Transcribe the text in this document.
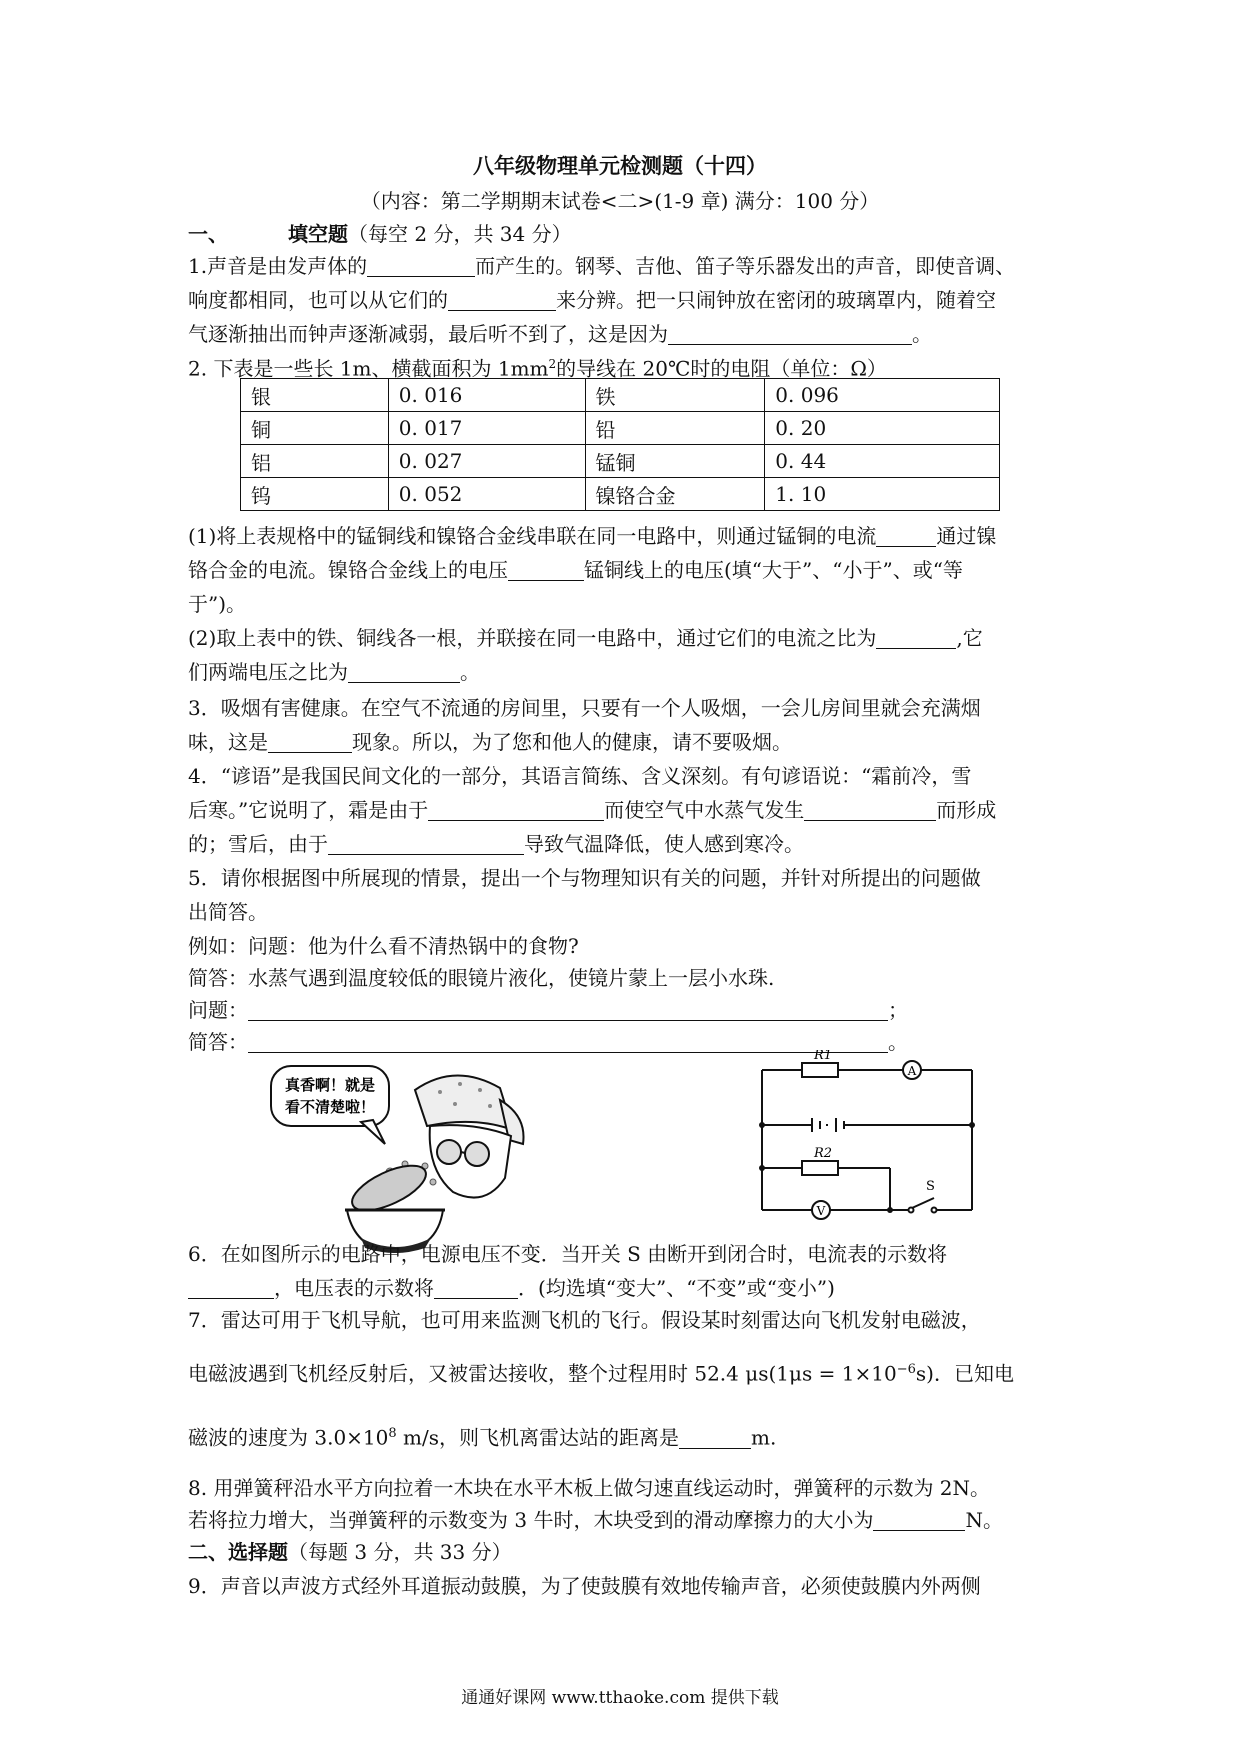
八年级物理单元检测题（十四）
（内容：第二学期期末试卷<二>(1-9 章) 满分：100 分）
一、	填空题（每空 2 分，共 34 分）
1.声音是由发声体的	而产生的。钢琴、吉他、笛子等乐器发出的声音，即使音调、
响度都相同，也可以从它们的	来分辨。把一只闹钟放在密闭的玻璃罩内，随着空
气逐渐抽出而钟声逐渐减弱，最后听不到了，这是因为	。
2. 下表是一些长 1m、横截面积为 $1mm^2$的导线在 20℃时的电阻（单位：Ω）
银	0. 016	铁	0. 096
铜	0. 017	铅	0. 20
铝	0. 027	锰铜	0. 44
钨	0. 052	镍铬合金	1. 10
(1)将上表规格中的锰铜线和镍铬合金线串联在同一电路中，则通过锰铜的电流	通过镍
铬合金的电流。镍铬合金线上的电压	锰铜线上的电压(填“大于”、“小于”、或“等
于”)。
(2)取上表中的铁、铜线各一根，并联接在同一电路中，通过它们的电流之比为	,它
们两端电压之比为	。
3．吸烟有害健康。在空气不流通的房间里，只要有一个人吸烟，一会儿房间里就会充满烟
味，这是	现象。所以，为了您和他人的健康，请不要吸烟。
4．“谚语”是我国民间文化的一部分，其语言简练、含义深刻。有句谚语说：“霜前冷，雪
后寒。”它说明了，霜是由于	而使空气中水蒸气发生	而形成
的；雪后，由于	导致气温降低，使人感到寒冷。
5．请你根据图中所展现的情景，提出一个与物理知识有关的问题，并针对所提出的问题做
出简答。
例如：问题：他为什么看不清热锅中的食物?
简答：水蒸气遇到温度较低的眼镜片液化，使镜片蒙上一层小水珠.
问题：	；
简答：	。
真香啊！就是
看不清楚啦！
R1
A
R2
V
S
6．在如图所示的电路中，电源电压不变．当开关 S 由断开到闭合时，电流表的示数将
，电压表的示数将	．(均选填“变大”、“不变”或“变小”)
7．雷达可用于飞机导航，也可用来监测飞机的飞行。假设某时刻雷达向飞机发射电磁波，
电磁波遇到飞机经反射后，又被雷达接收，整个过程用时 52.4 $\mu s(1\mu s = 1\times 10^{-6}s)$．已知电
磁波的速度为 $3.0\times 10^8$ m/s，则飞机离雷达站的距离是	m.
8. 用弹簧秤沿水平方向拉着一木块在水平木板上做匀速直线运动时，弹簧秤的示数为 2N。
若将拉力增大，当弹簧秤的示数变为 3 牛时，木块受到的滑动摩擦力的大小为	N。
二、选择题（每题 3 分，共 33 分）
9．声音以声波方式经外耳道振动鼓膜，为了使鼓膜有效地传输声音，必须使鼓膜内外两侧
通通好课网 www.tthaoke.com 提供下载
